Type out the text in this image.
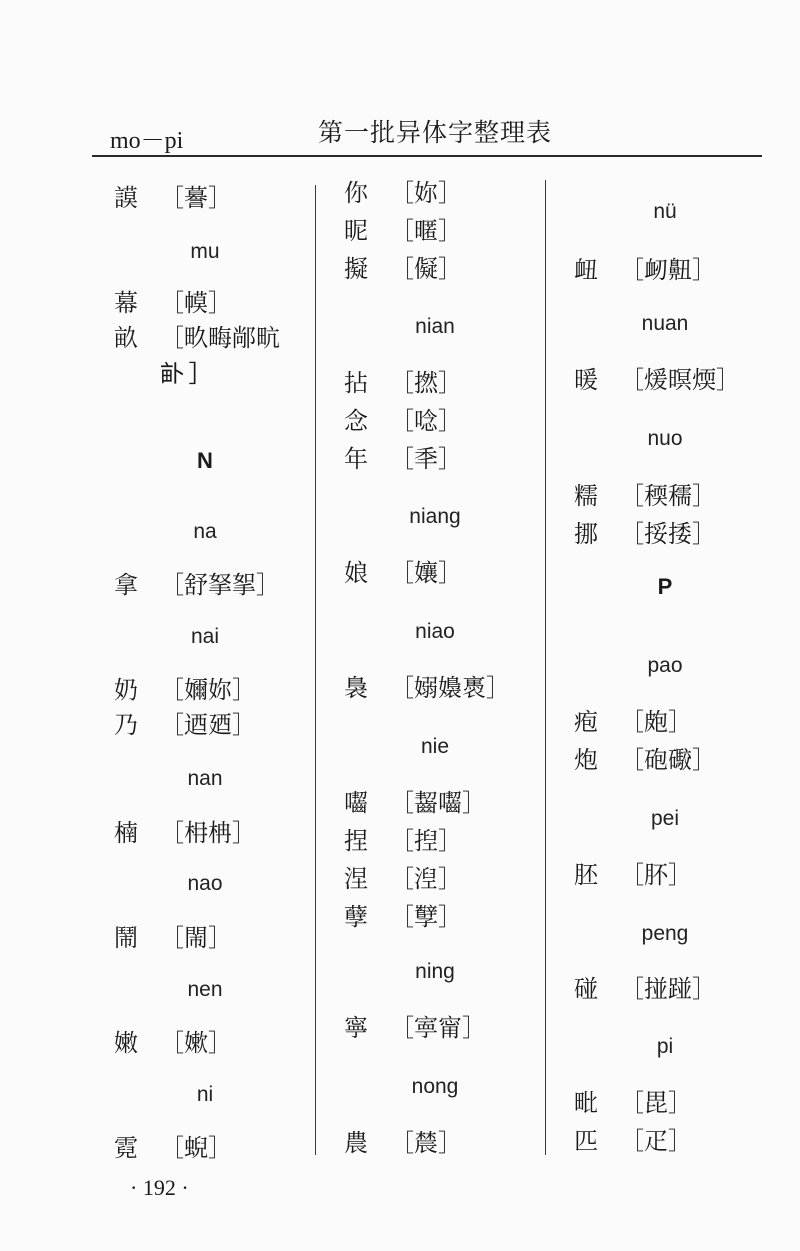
mo－pi	第一批异体字整理表
謨 ［謩］
mu
幕 ［幙］
畝 ［畂畮䣊㽘
𤱈］
N
na
拿 ［舒拏挐］
nai
奶 ［嬭妳］
乃 ［迺廼］
nan
楠 ［枏柟］
nao
鬧 ［閙］
nen
嫩 ［嫰］
ni
霓 ［蜺］
你 ［妳］
昵 ［暱］
擬 ［儗］
nian
拈 ［撚］
念 ［唸］
年 ［秊］
niang
娘 ［孃］
niao
裊 ［嫋嬝褭］
nie
囓 ［齧囓］
捏 ［揑］
涅 ［湼］
孽 ［孼］
ning
寧 ［寕甯］
nong
農 ［辳］
nü
衄 ［衂䶊］
nuan
暖 ［煖暝煗］
nuo
糯 ［稬穤］
挪 ［挼捼］
P
pao
疱 ［皰］
炮 ［砲礮］
pei
胚 ［肧］
peng
碰 ［掽踫］
pi
毗 ［毘］
匹 ［疋］
· 192 ·
